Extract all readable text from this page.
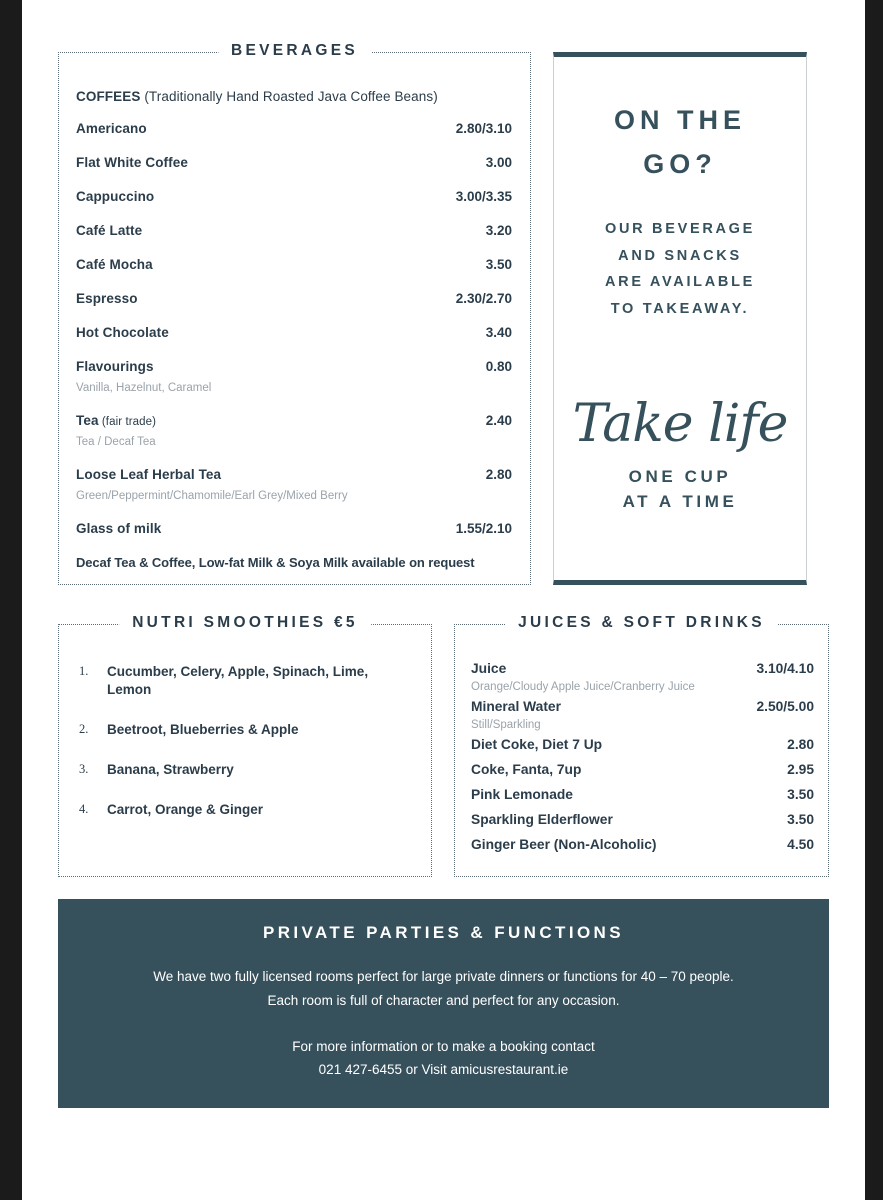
BEVERAGES
COFFEES (Traditionally Hand Roasted Java Coffee Beans)
Americano	2.80/3.10
Flat White Coffee	3.00
Cappuccino	3.00/3.35
Café Latte	3.20
Café Mocha	3.50
Espresso	2.30/2.70
Hot Chocolate	3.40
Flavourings	0.80
Vanilla, Hazelnut, Caramel
Tea (fair trade)	2.40
Tea / Decaf Tea
Loose Leaf Herbal Tea	2.80
Green/Peppermint/Chamomile/Earl Grey/Mixed Berry
Glass of milk	1.55/2.10
Decaf Tea & Coffee, Low-fat Milk & Soya Milk available on request
ON THE
GO?
OUR BEVERAGE
AND SNACKS
ARE AVAILABLE
TO TAKEAWAY.
Take life
ONE CUP
AT A TIME
NUTRI SMOOTHIES €5
1.	Cucumber, Celery, Apple, Spinach, Lime, Lemon
2.	Beetroot, Blueberries & Apple
3.	Banana, Strawberry
4.	Carrot, Orange & Ginger
JUICES & SOFT DRINKS
Juice	3.10/4.10
Orange/Cloudy Apple Juice/Cranberry Juice
Mineral Water	2.50/5.00
Still/Sparkling
Diet Coke, Diet 7 Up	2.80
Coke, Fanta, 7up	2.95
Pink Lemonade	3.50
Sparkling Elderflower	3.50
Ginger Beer (Non-Alcoholic)	4.50
PRIVATE PARTIES & FUNCTIONS
We have two fully licensed rooms perfect for large private dinners or functions for 40 – 70 people.
Each room is full of character and perfect for any occasion.
For more information or to make a booking contact
021 427-6455 or Visit amicusrestaurant.ie
